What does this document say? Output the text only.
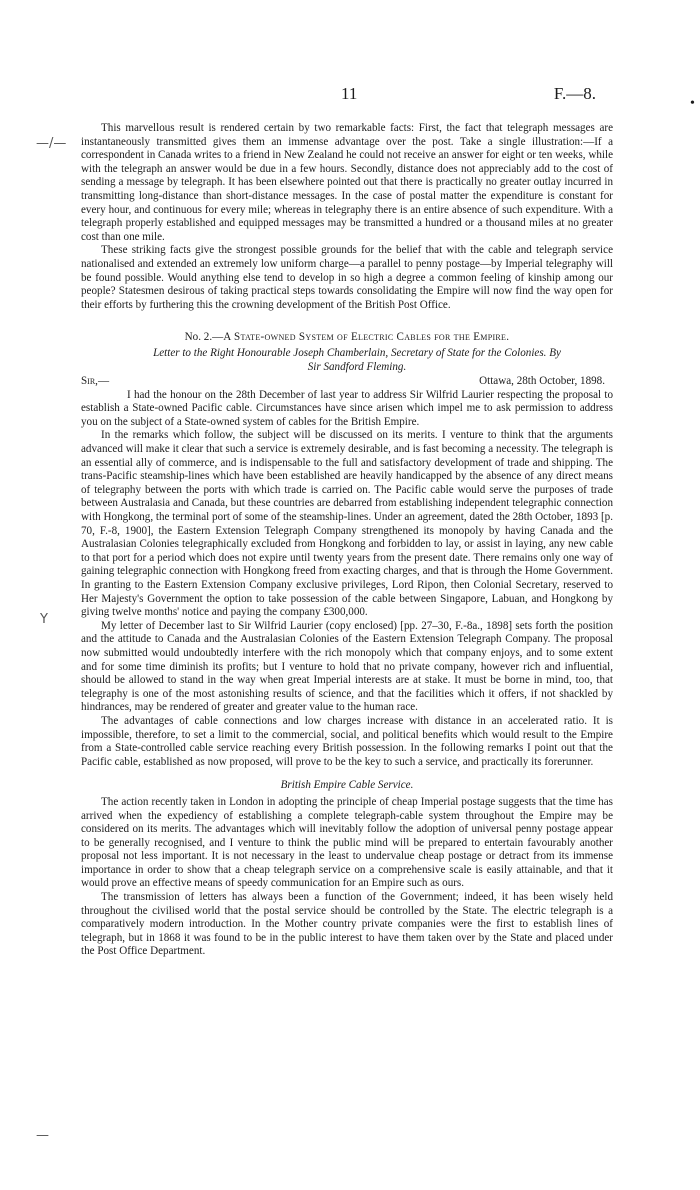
11	F.—8.
•
—/—
Y
—

This marvellous result is rendered certain by two remarkable facts: First, the fact that telegraph messages are instantaneously transmitted gives them an immense advantage over the post. Take a single illustration:—If a correspondent in Canada writes to a friend in New Zealand he could not receive an answer for eight or ten weeks, while with the telegraph an answer would be due in a few hours. Secondly, distance does not appreciably add to the cost of sending a message by telegraph. It has been elsewhere pointed out that there is practically no greater outlay incurred in transmitting long-distance than short-distance messages. In the case of postal matter the expenditure is constant for every hour, and continuous for every mile; whereas in telegraphy there is an entire absence of such expenditure. With a telegraph properly established and equipped messages may be transmitted a hundred or a thousand miles at no greater cost than one mile.

These striking facts give the strongest possible grounds for the belief that with the cable and telegraph service nationalised and extended an extremely low uniform charge—a parallel to penny postage—by Imperial telegraphy will be found possible. Would anything else tend to develop in so high a degree a common feeling of kinship among our people? Statesmen desirous of taking practical steps towards consolidating the Empire will now find the way open for their efforts by furthering this the crowning development of the British Post Office.

No. 2.—A State-owned System of Electric Cables for the Empire.

Letter to the Right Honourable Joseph Chamberlain, Secretary of State for the Colonies. By

Sir Sandford Fleming.

Sir,—	Ottawa, 28th October, 1898.

I had the honour on the 28th December of last year to address Sir Wilfrid Laurier respecting the proposal to establish a State-owned Pacific cable. Circumstances have since arisen which impel me to ask permission to address you on the subject of a State-owned system of cables for the British Empire.

In the remarks which follow, the subject will be discussed on its merits. I venture to think that the arguments advanced will make it clear that such a service is extremely desirable, and is fast becoming a necessity. The telegraph is an essential ally of commerce, and is indispensable to the full and satisfactory development of trade and shipping. The trans-Pacific steamship-lines which have been established are heavily handicapped by the absence of any direct means of telegraphy between the ports with which trade is carried on. The Pacific cable would serve the purposes of trade between Australasia and Canada, but these countries are debarred from establishing independent telegraphic connection with Hongkong, the terminal port of some of the steamship-lines. Under an agreement, dated the 28th October, 1893 [p. 70, F.-8, 1900], the Eastern Extension Telegraph Company strengthened its monopoly by having Canada and the Australasian Colonies telegraphically excluded from Hongkong and forbidden to lay, or assist in laying, any new cable to that port for a period which does not expire until twenty years from the present date. There remains only one way of gaining telegraphic connection with Hongkong freed from exacting charges, and that is through the Home Government. In granting to the Eastern Extension Company exclusive privileges, Lord Ripon, then Colonial Secretary, reserved to Her Majesty's Government the option to take possession of the cable between Singapore, Labuan, and Hongkong by giving twelve months' notice and paying the company £300,000.

My letter of December last to Sir Wilfrid Laurier (copy enclosed) [pp. 27–30, F.-8a., 1898] sets forth the position and the attitude to Canada and the Australasian Colonies of the Eastern Extension Telegraph Company. The proposal now submitted would undoubtedly interfere with the rich monopoly which that company enjoys, and to some extent and for some time diminish its profits; but I venture to hold that no private company, however rich and influential, should be allowed to stand in the way when great Imperial interests are at stake. It must be borne in mind, too, that telegraphy is one of the most astonishing results of science, and that the facilities which it offers, if not shackled by hindrances, may be rendered of greater and greater value to the human race.

The advantages of cable connections and low charges increase with distance in an accelerated ratio. It is impossible, therefore, to set a limit to the commercial, social, and political benefits which would result to the Empire from a State-controlled cable service reaching every British possession. In the following remarks I point out that the Pacific cable, established as now proposed, will prove to be the key to such a service, and practically its forerunner.

British Empire Cable Service.

The action recently taken in London in adopting the principle of cheap Imperial postage suggests that the time has arrived when the expediency of establishing a complete telegraph-cable system throughout the Empire may be considered on its merits. The advantages which will inevitably follow the adoption of universal penny postage appear to be generally recognised, and I venture to think the public mind will be prepared to entertain favourably another proposal not less important. It is not necessary in the least to undervalue cheap postage or detract from its immense importance in order to show that a cheap telegraph service on a comprehensive scale is easily attainable, and that it would prove an effective means of speedy communication for an Empire such as ours.

The transmission of letters has always been a function of the Government; indeed, it has been wisely held throughout the civilised world that the postal service should be controlled by the State. The electric telegraph is a comparatively modern introduction. In the Mother country private companies were the first to establish lines of telegraph, but in 1868 it was found to be in the public interest to have them taken over by the State and placed under the Post Office Department.
